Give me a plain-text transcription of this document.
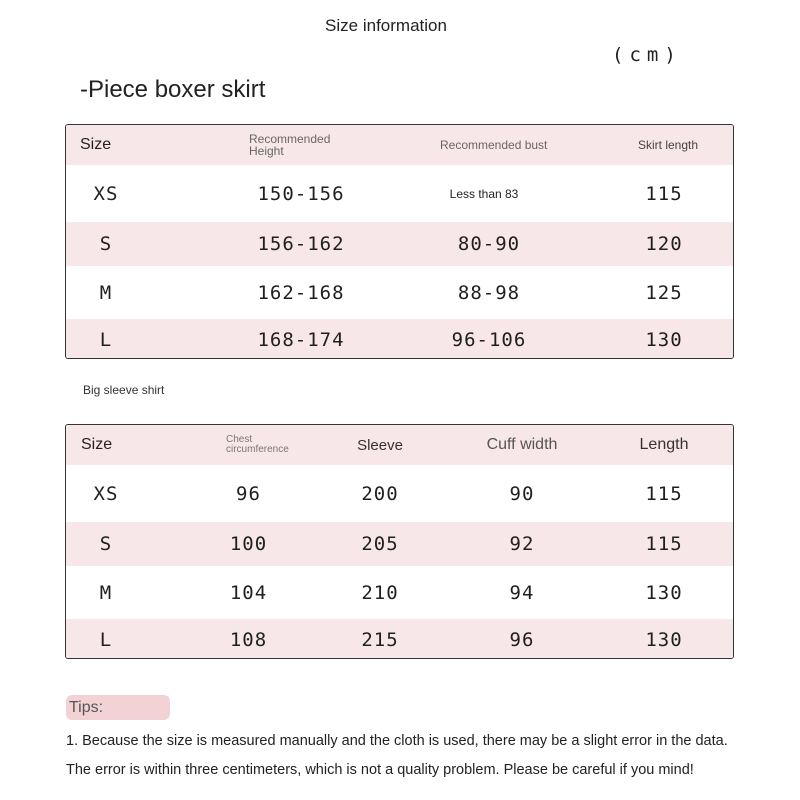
Size information
(cm)
-Piece boxer skirt
Size	Recommended Height	Recommended bust	Skirt length
XS	150-156	Less than 83	115
S	156-162	80-90	120
M	162-168	88-98	125
L	168-174	96-106	130
Big sleeve shirt
Size	Chest circumference	Sleeve	Cuff width	Length
XS	96	200	90	115
S	100	205	92	115
M	104	210	94	130
L	108	215	96	130
Tips:
1. Because the size is measured manually and the cloth is used, there may be a slight error in the data.
The error is within three centimeters, which is not a quality problem. Please be careful if you mind!
